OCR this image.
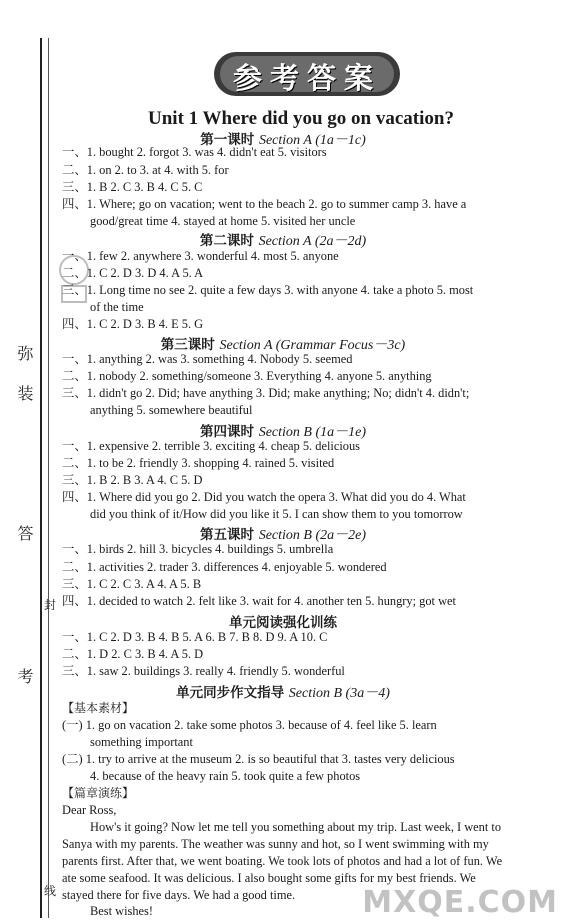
弥
装
答
封
考
线
参考答案
Unit 1 Where did you go on vacation?
第一课时 Section A (1a－1c)
一、1. bought 2. forgot 3. was 4. didn't eat 5. visitors
二、1. on 2. to 3. at 4. with 5. for
三、1. B 2. C 3. B 4. C 5. C
四、1. Where; go on vacation; went to the beach 2. go to summer camp 3. have a
good/great time 4. stayed at home 5. visited her uncle
第二课时 Section A (2a－2d)
一、1. few 2. anywhere 3. wonderful 4. most 5. anyone
二、1. C 2. D 3. D 4. A 5. A
三、1. Long time no see 2. quite a few days 3. with anyone 4. take a photo 5. most
of the time
四、1. C 2. D 3. B 4. E 5. G
第三课时 Section A (Grammar Focus－3c)
一、1. anything 2. was 3. something 4. Nobody 5. seemed
二、1. nobody 2. something/someone 3. Everything 4. anyone 5. anything
三、1. didn't go 2. Did; have anything 3. Did; make anything; No; didn't 4. didn't;
anything 5. somewhere beautiful
第四课时 Section B (1a－1e)
一、1. expensive 2. terrible 3. exciting 4. cheap 5. delicious
二、1. to be 2. friendly 3. shopping 4. rained 5. visited
三、1. B 2. B 3. A 4. C 5. D
四、1. Where did you go 2. Did you watch the opera 3. What did you do 4. What
did you think of it/How did you like it 5. I can show them to you tomorrow
第五课时 Section B (2a－2e)
一、1. birds 2. hill 3. bicycles 4. buildings 5. umbrella
二、1. activities 2. trader 3. differences 4. enjoyable 5. wondered
三、1. C 2. C 3. A 4. A 5. B
四、1. decided to watch 2. felt like 3. wait for 4. another ten 5. hungry; got wet
单元阅读强化训练
一、1. C 2. D 3. B 4. B 5. A 6. B 7. B 8. D 9. A 10. C
二、1. D 2. C 3. B 4. A 5. D
三、1. saw 2. buildings 3. really 4. friendly 5. wonderful
单元同步作文指导 Section B (3a－4)
【基本素材】
(一) 1. go on vacation 2. take some photos 3. because of 4. feel like 5. learn
something important
(二) 1. try to arrive at the museum 2. is so beautiful that 3. tastes very delicious
4. because of the heavy rain 5. took quite a few photos
【篇章演练】
Dear Ross,
How's it going? Now let me tell you something about my trip. Last week, I went to
Sanya with my parents. The weather was sunny and hot, so I went swimming with my
parents first. After that, we went boating. We took lots of photos and had a lot of fun. We
ate some seafood. It was delicious. I also bought some gifts for my best friends. We
stayed there for five days. We had a good time.
Best wishes!	MXQE.COM
